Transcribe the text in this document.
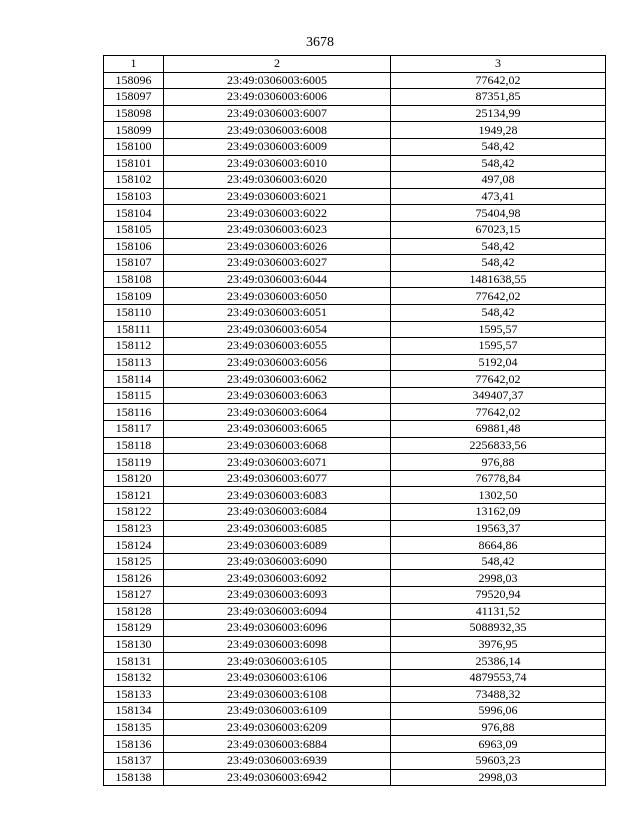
3678
1	2	3
158096	23:49:0306003:6005	77642,02
158097	23:49:0306003:6006	87351,85
158098	23:49:0306003:6007	25134,99
158099	23:49:0306003:6008	1949,28
158100	23:49:0306003:6009	548,42
158101	23:49:0306003:6010	548,42
158102	23:49:0306003:6020	497,08
158103	23:49:0306003:6021	473,41
158104	23:49:0306003:6022	75404,98
158105	23:49:0306003:6023	67023,15
158106	23:49:0306003:6026	548,42
158107	23:49:0306003:6027	548,42
158108	23:49:0306003:6044	1481638,55
158109	23:49:0306003:6050	77642,02
158110	23:49:0306003:6051	548,42
158111	23:49:0306003:6054	1595,57
158112	23:49:0306003:6055	1595,57
158113	23:49:0306003:6056	5192,04
158114	23:49:0306003:6062	77642,02
158115	23:49:0306003:6063	349407,37
158116	23:49:0306003:6064	77642,02
158117	23:49:0306003:6065	69881,48
158118	23:49:0306003:6068	2256833,56
158119	23:49:0306003:6071	976,88
158120	23:49:0306003:6077	76778,84
158121	23:49:0306003:6083	1302,50
158122	23:49:0306003:6084	13162,09
158123	23:49:0306003:6085	19563,37
158124	23:49:0306003:6089	8664,86
158125	23:49:0306003:6090	548,42
158126	23:49:0306003:6092	2998,03
158127	23:49:0306003:6093	79520,94
158128	23:49:0306003:6094	41131,52
158129	23:49:0306003:6096	5088932,35
158130	23:49:0306003:6098	3976,95
158131	23:49:0306003:6105	25386,14
158132	23:49:0306003:6106	4879553,74
158133	23:49:0306003:6108	73488,32
158134	23:49:0306003:6109	5996,06
158135	23:49:0306003:6209	976,88
158136	23:49:0306003:6884	6963,09
158137	23:49:0306003:6939	59603,23
158138	23:49:0306003:6942	2998,03
